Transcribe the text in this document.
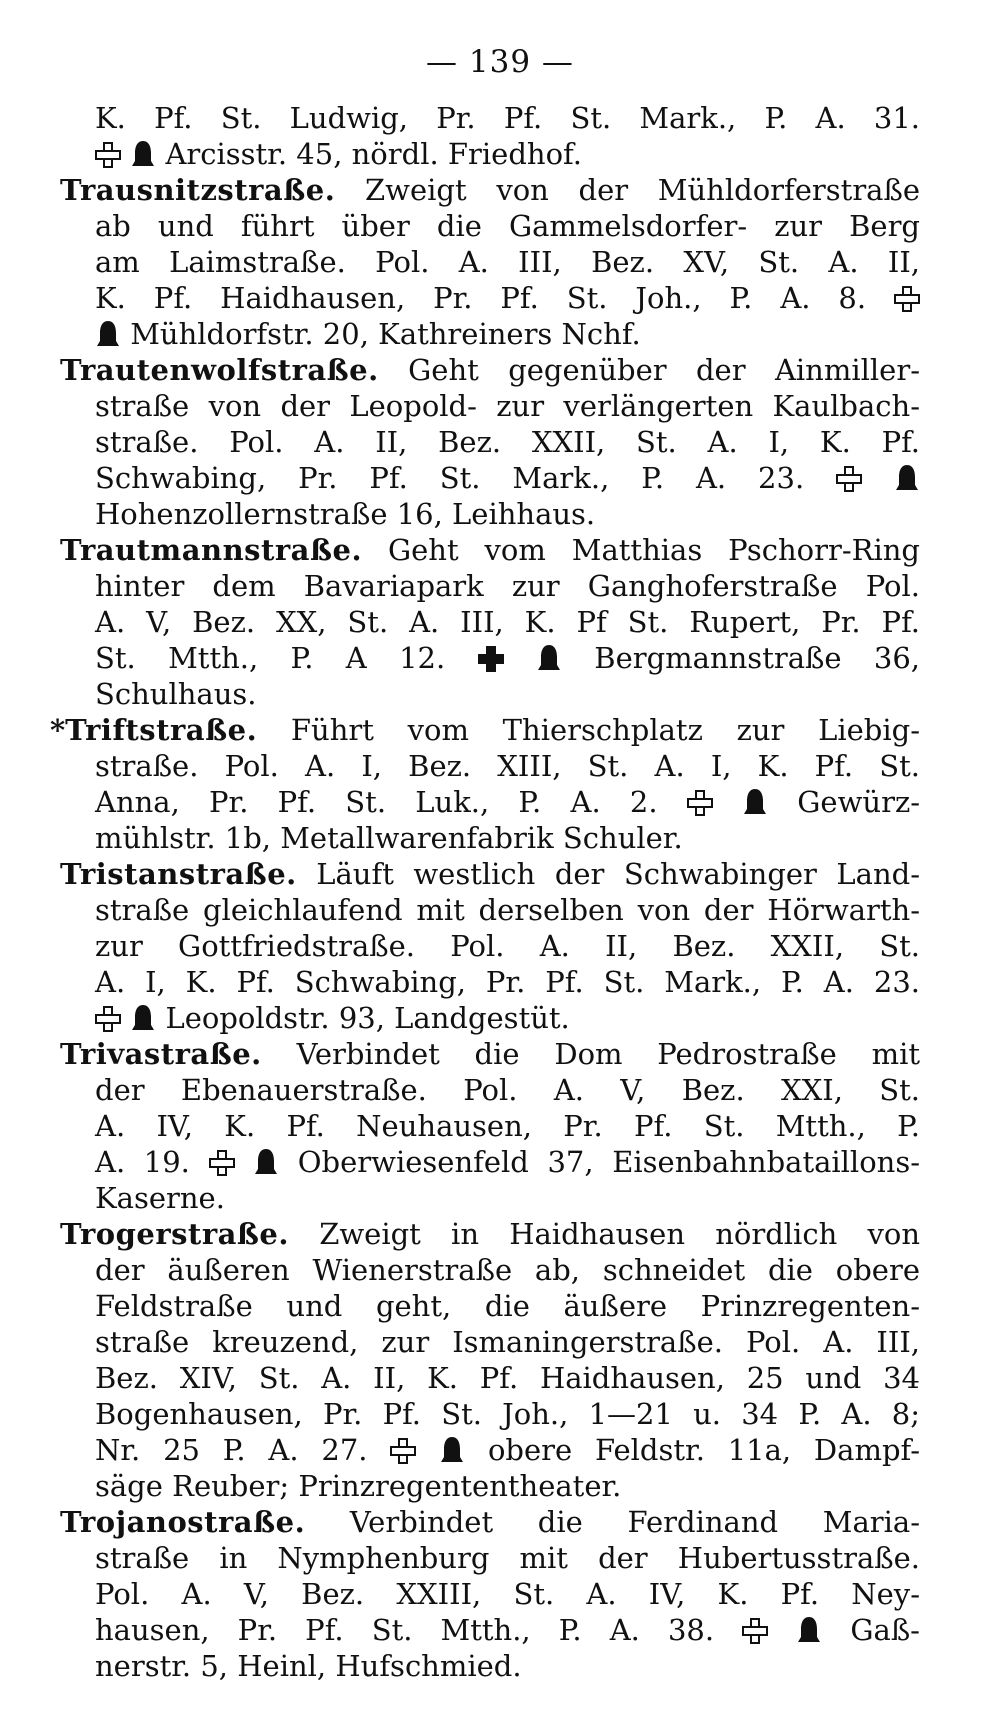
— 139 —
K. Pf. St. Ludwig, Pr. Pf. St. Mark., P. A. 31.
Arcisstr. 45, nördl. Friedhof.
Trausnitzstraße. Zweigt von der Mühldorferstraße
ab und führt über die Gammelsdorfer- zur Berg
am Laimstraße. Pol. A. III, Bez. XV, St. A. II,
K. Pf. Haidhausen, Pr. Pf. St. Joh., P. A. 8.
Mühldorfstr. 20, Kathreiners Nchf.
Trautenwolfstraße. Geht gegenüber der Ainmiller-
straße von der Leopold- zur verlängerten Kaulbach-
straße. Pol. A. II, Bez. XXII, St. A. I, K. Pf.
Schwabing, Pr. Pf. St. Mark., P. A. 23.

Hohenzollernstraße 16, Leihhaus.
Trautmannstraße. Geht vom Matthias Pschorr-Ring
hinter dem Bavariapark zur Ganghoferstraße Pol.
A. V, Bez. XX, St. A. III, K. Pf St. Rupert, Pr. Pf.
St. Mtth., P. A 12.	Bergmannstraße 36,
Schulhaus.
*Triftstraße. Führt vom Thierschplatz zur Liebig-
straße. Pol. A. I, Bez. XIII, St. A. I, K. Pf. St.
Anna, Pr. Pf. St. Luk., P. A. 2.	Gewürz-
mühlstr. 1b, Metallwarenfabrik Schuler.
Tristanstraße. Läuft westlich der Schwabinger Land-
straße gleichlaufend mit derselben von der Hörwarth-
zur Gottfriedstraße. Pol. A. II, Bez. XXII, St.
A. I, K. Pf. Schwabing, Pr. Pf. St. Mark., P. A. 23.
Leopoldstr. 93, Landgestüt.
Trivastraße. Verbindet die Dom Pedrostraße mit
der Ebenauerstraße. Pol. A. V, Bez. XXI, St.
A. IV, K. Pf. Neuhausen, Pr. Pf. St. Mtth., P.
A. 19.	Oberwiesenfeld 37, Eisenbahnbataillons-
Kaserne.
Trogerstraße. Zweigt in Haidhausen nördlich von
der äußeren Wienerstraße ab, schneidet die obere
Feldstraße und geht, die äußere Prinzregenten-
straße kreuzend, zur Ismaningerstraße. Pol. A. III,
Bez. XIV, St. A. II, K. Pf. Haidhausen, 25 und 34
Bogenhausen, Pr. Pf. St. Joh., 1—21 u. 34 P. A. 8;
Nr. 25 P. A. 27.	obere Feldstr. 11a, Dampf-
säge Reuber; Prinzregententheater.
Trojanostraße. Verbindet die Ferdinand Maria-
straße in Nymphenburg mit der Hubertusstraße.
Pol. A. V, Bez. XXIII, St. A. IV, K. Pf. Ney-
hausen, Pr. Pf. St. Mtth., P. A. 38.	Gaß-
nerstr. 5, Heinl, Hufschmied.
